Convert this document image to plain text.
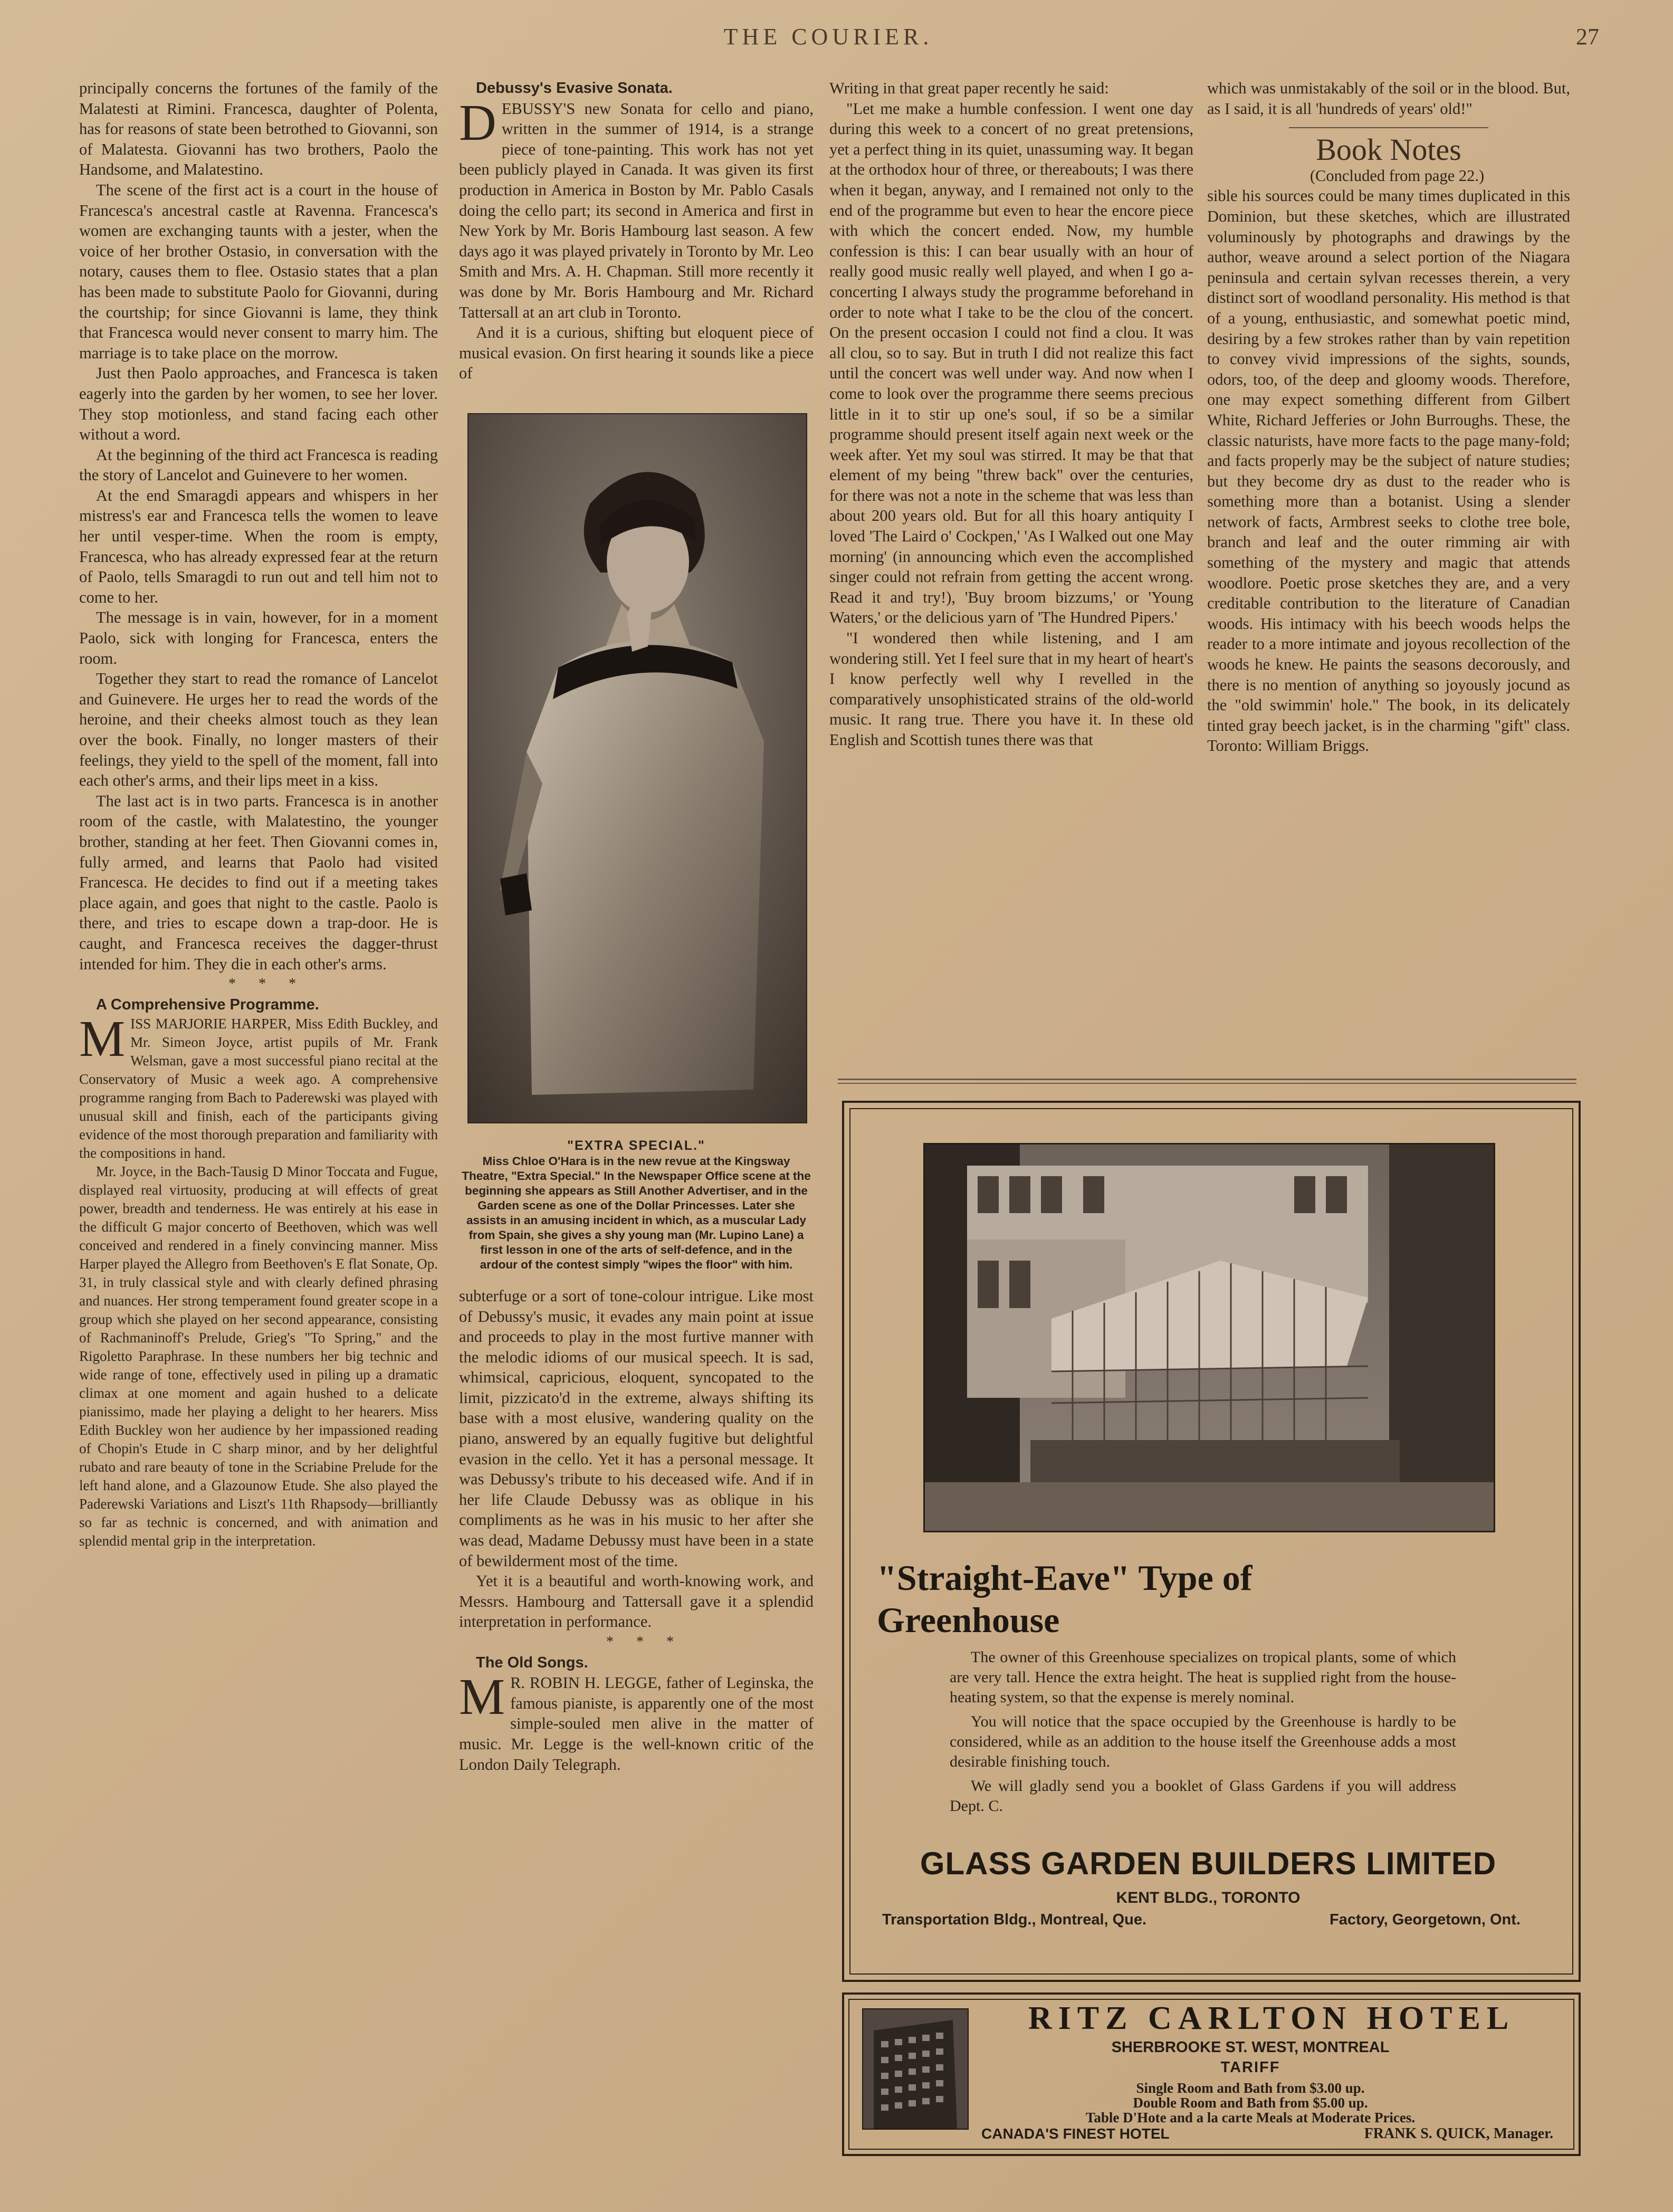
THE COURIER.	27

principally concerns the fortunes of the family of the Malatesti at Rimini. Francesca, daughter of Polenta, has for reasons of state been betrothed to Giovanni, son of Malatesta. Giovanni has two brothers, Paolo the Handsome, and Malatestino.

The scene of the first act is a court in the house of Francesca's ancestral castle at Ravenna. Francesca's women are exchanging taunts with a jester, when the voice of her brother Ostasio, in conversation with the notary, causes them to flee. Ostasio states that a plan has been made to substitute Paolo for Giovanni, during the courtship; for since Giovanni is lame, they think that Francesca would never consent to marry him. The marriage is to take place on the morrow.

Just then Paolo approaches, and Francesca is taken eagerly into the garden by her women, to see her lover. They stop motionless, and stand facing each other without a word.

At the beginning of the third act Francesca is reading the story of Lancelot and Guinevere to her women.

At the end Smaragdi appears and whispers in her mistress's ear and Francesca tells the women to leave her until vesper-time. When the room is empty, Francesca, who has already expressed fear at the return of Paolo, tells Smaragdi to run out and tell him not to come to her.

The message is in vain, however, for in a moment Paolo, sick with longing for Francesca, enters the room.

Together they start to read the romance of Lancelot and Guinevere. He urges her to read the words of the heroine, and their cheeks almost touch as they lean over the book. Finally, no longer masters of their feelings, they yield to the spell of the moment, fall into each other's arms, and their lips meet in a kiss.

The last act is in two parts. Francesca is in another room of the castle, with Malatestino, the younger brother, standing at her feet. Then Giovanni comes in, fully armed, and learns that Paolo had visited Francesca. He decides to find out if a meeting takes place again, and goes that night to the castle. Paolo is there, and tries to escape down a trap-door. He is caught, and Francesca receives the dagger-thrust intended for him. They die in each other's arms.

* * *

A Comprehensive Programme.

M ISS MARJORIE HARPER, Miss Edith Buckley, and Mr. Simeon Joyce, artist pupils of Mr. Frank Welsman, gave a most successful piano recital at the Conservatory of Music a week ago. A comprehensive programme ranging from Bach to Paderewski was played with unusual skill and finish, each of the participants giving evidence of the most thorough preparation and familiarity with the compositions in hand.

Mr. Joyce, in the Bach-Tausig D Minor Toccata and Fugue, displayed real virtuosity, producing at will effects of great power, breadth and tenderness. He was entirely at his ease in the difficult G major concerto of Beethoven, which was well conceived and rendered in a finely convincing manner. Miss Harper played the Allegro from Beethoven's E flat Sonate, Op. 31, in truly classical style and with clearly defined phrasing and nuances. Her strong temperament found greater scope in a group which she played on her second appearance, consisting of Rachmaninoff's Prelude, Grieg's "To Spring," and the Rigoletto Paraphrase. In these numbers her big technic and wide range of tone, effectively used in piling up a dramatic climax at one moment and again hushed to a delicate pianissimo, made her playing a delight to her hearers. Miss Edith Buckley won her audience by her impassioned reading of Chopin's Etude in C sharp minor, and by her delightful rubato and rare beauty of tone in the Scriabine Prelude for the left hand alone, and a Glazounow Etude. She also played the Paderewski Variations and Liszt's 11th Rhapsody—brilliantly so far as technic is concerned, and with animation and splendid mental grip in the interpretation.

Debussy's Evasive Sonata.

D EBUSSY'S new Sonata for cello and piano, written in the summer of 1914, is a strange piece of tone-painting. This work has not yet been publicly played in Canada. It was given its first production in America in Boston by Mr. Pablo Casals doing the cello part; its second in America and first in New York by Mr. Boris Hambourg last season. A few days ago it was played privately in Toronto by Mr. Leo Smith and Mrs. A. H. Chapman. Still more recently it was done by Mr. Boris Hambourg and Mr. Richard Tattersall at an art club in Toronto.

And it is a curious, shifting but eloquent piece of musical evasion. On first hearing it sounds like a piece of

"EXTRA SPECIAL."
Miss Chloe O'Hara is in the new revue at the Kingsway Theatre, "Extra Special." In the Newspaper Office scene at the beginning she appears as Still Another Advertiser, and in the Garden scene as one of the Dollar Princesses. Later she assists in an amusing incident in which, as a muscular Lady from Spain, she gives a shy young man (Mr. Lupino Lane) a first lesson in one of the arts of self-defence, and in the ardour of the contest simply "wipes the floor" with him.

subterfuge or a sort of tone-colour intrigue. Like most of Debussy's music, it evades any main point at issue and proceeds to play in the most furtive manner with the melodic idioms of our musical speech. It is sad, whimsical, capricious, eloquent, syncopated to the limit, pizzicato'd in the extreme, always shifting its base with a most elusive, wandering quality on the piano, answered by an equally fugitive but delightful evasion in the cello. Yet it has a personal message. It was Debussy's tribute to his deceased wife. And if in her life Claude Debussy was as oblique in his compliments as he was in his music to her after she was dead, Madame Debussy must have been in a state of bewilderment most of the time.

Yet it is a beautiful and worth-knowing work, and Messrs. Hambourg and Tattersall gave it a splendid interpretation in performance.

* * *

The Old Songs.

M R. ROBIN H. LEGGE, father of Leginska, the famous pianiste, is apparently one of the most simple-souled men alive in the matter of music. Mr. Legge is the well-known critic of the London Daily Telegraph.

Writing in that great paper recently he said:

"Let me make a humble confession. I went one day during this week to a concert of no great pretensions, yet a perfect thing in its quiet, unassuming way. It began at the orthodox hour of three, or thereabouts; I was there when it began, anyway, and I remained not only to the end of the programme but even to hear the encore piece with which the concert ended. Now, my humble confession is this: I can bear usually with an hour of really good music really well played, and when I go a-concerting I always study the programme beforehand in order to note what I take to be the clou of the concert. On the present occasion I could not find a clou. It was all clou, so to say. But in truth I did not realize this fact until the concert was well under way. And now when I come to look over the programme there seems precious little in it to stir up one's soul, if so be a similar programme should present itself again next week or the week after. Yet my soul was stirred. It may be that that element of my being "threw back" over the centuries, for there was not a note in the scheme that was less than about 200 years old. But for all this hoary antiquity I loved 'The Laird o' Cockpen,' 'As I Walked out one May morning' (in announcing which even the accomplished singer could not refrain from getting the accent wrong. Read it and try!), 'Buy broom bizzums,' or 'Young Waters,' or the delicious yarn of 'The Hundred Pipers.'

"I wondered then while listening, and I am wondering still. Yet I feel sure that in my heart of heart's I know perfectly well why I revelled in the comparatively unsophisticated strains of the old-world music. It rang true. There you have it. In these old English and Scottish tunes there was that

which was unmistakably of the soil or in the blood. But, as I said, it is all 'hundreds of years' old!"

Book Notes

(Concluded from page 22.)

sible his sources could be many times duplicated in this Dominion, but these sketches, which are illustrated voluminously by photographs and drawings by the author, weave around a select portion of the Niagara peninsula and certain sylvan recesses therein, a very distinct sort of woodland personality. His method is that of a young, enthusiastic, and somewhat poetic mind, desiring by a few strokes rather than by vain repetition to convey vivid impressions of the sights, sounds, odors, too, of the deep and gloomy woods. Therefore, one may expect something different from Gilbert White, Richard Jefferies or John Burroughs. These, the classic naturists, have more facts to the page many-fold; and facts properly may be the subject of nature studies; but they become dry as dust to the reader who is something more than a botanist. Using a slender network of facts, Armbrest seeks to clothe tree bole, branch and leaf and the outer rimming air with something of the mystery and magic that attends woodlore. Poetic prose sketches they are, and a very creditable contribution to the literature of Canadian woods. His intimacy with his beech woods helps the reader to a more intimate and joyous recollection of the woods he knew. He paints the seasons decorously, and there is no mention of anything so joyously jocund as the "old swimmin' hole." The book, in its delicately tinted gray beech jacket, is in the charming "gift" class. Toronto: William Briggs.

"Straight-Eave" Type of
Greenhouse

The owner of this Greenhouse specializes on tropical plants, some of which are very tall. Hence the extra height. The heat is supplied right from the house-heating system, so that the expense is merely nominal.

You will notice that the space occupied by the Greenhouse is hardly to be considered, while as an addition to the house itself the Greenhouse adds a most desirable finishing touch.

We will gladly send you a booklet of Glass Gardens if you will address Dept. C.

GLASS GARDEN BUILDERS LIMITED
KENT BLDG., TORONTO
Transportation Bldg., Montreal, Que.	Factory, Georgetown, Ont.
RITZ CARLTON HOTEL
SHERBROOKE ST. WEST, MONTREAL
TARIFF
Single Room and Bath from $3.00 up.
Double Room and Bath from $5.00 up.
Table D'Hote and a la carte Meals at Moderate Prices.
CANADA'S FINEST HOTEL	FRANK S. QUICK, Manager.
